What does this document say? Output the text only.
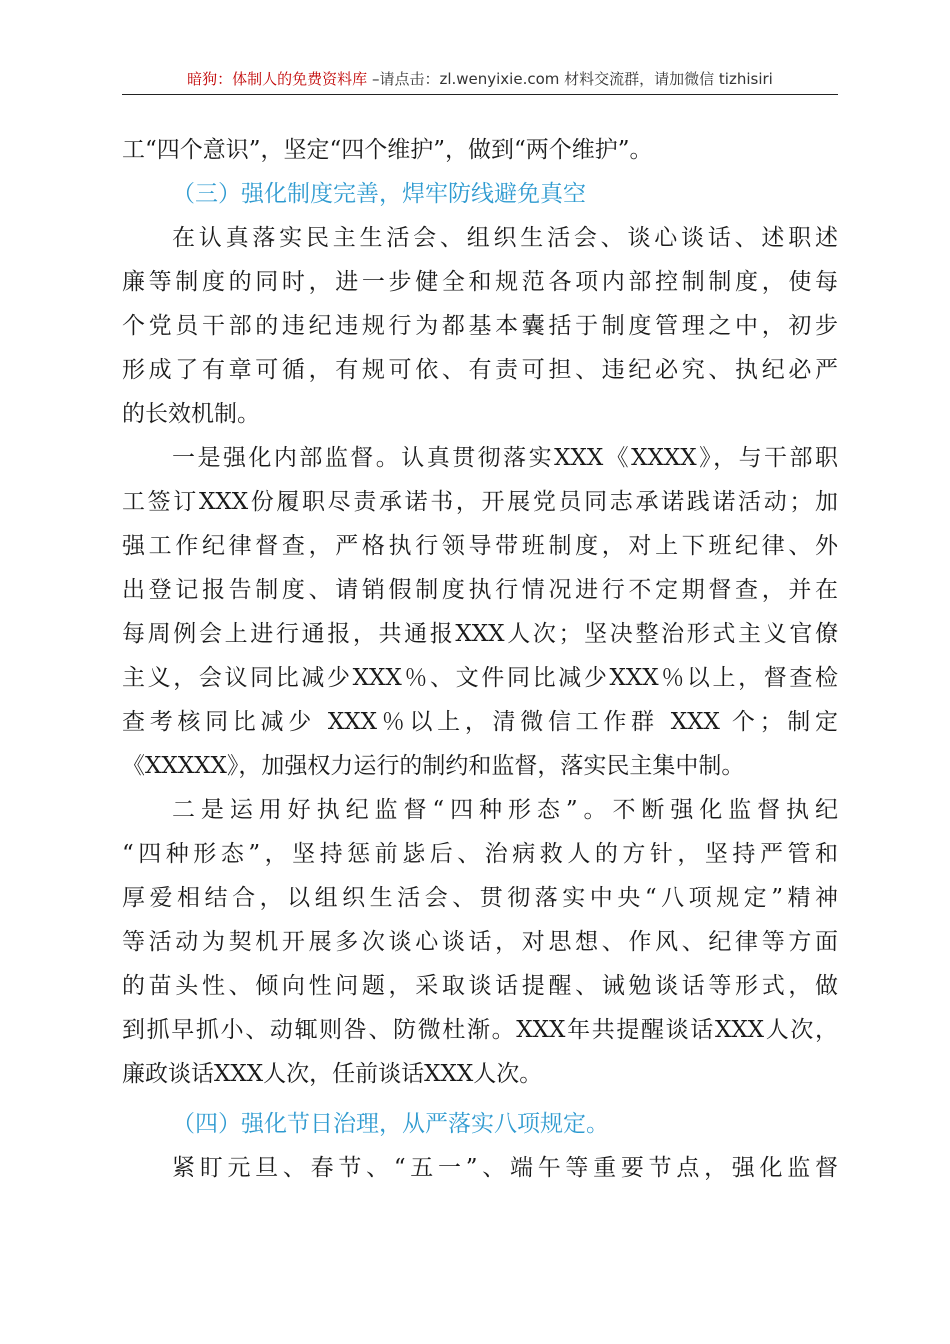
暗狗：体制人的免费资料库 –请点击：zl.wenyixie.com 材料交流群，请加微信 tizhisiri
工“四个意识”，坚定“四个维护”，做到“两个维护”。
（三）强化制度完善，焊牢防线避免真空
在认真落实民主生活会、组织生活会、谈心谈话、述职述
廉等制度的同时，进一步健全和规范各项内部控制制度，使每
个党员干部的违纪违规行为都基本囊括于制度管理之中，初步
形成了有章可循，有规可依、有责可担、违纪必究、执纪必严
的长效机制。
一是强化内部监督。认真贯彻落实XXX《XXXX》，与干部职
工签订XXX份履职尽责承诺书，开展党员同志承诺践诺活动；加
强工作纪律督查，严格执行领导带班制度，对上下班纪律、外
出登记报告制度、请销假制度执行情况进行不定期督查，并在
每周例会上进行通报，共通报XXX人次；坚决整治形式主义官僚
主义，会议同比减少XXX％、文件同比减少XXX％以上，督查检
查考核同比减少 XXX％以上，清微信工作群 XXX 个；制定
《XXXXX》，加强权力运行的制约和监督，落实民主集中制。
二是运用好执纪监督“四种形态”。不断强化监督执纪
“四种形态”，坚持惩前毖后、治病救人的方针，坚持严管和
厚爱相结合，以组织生活会、贯彻落实中央“八项规定”精神
等活动为契机开展多次谈心谈话，对思想、作风、纪律等方面
的苗头性、倾向性问题，采取谈话提醒、诫勉谈话等形式，做
到抓早抓小、动辄则咎、防微杜渐。XXX年共提醒谈话XXX人次，
廉政谈话XXX人次，任前谈话XXX人次。
（四）强化节日治理，从严落实八项规定。
紧盯元旦、春节、“五一”、端午等重要节点，强化监督
